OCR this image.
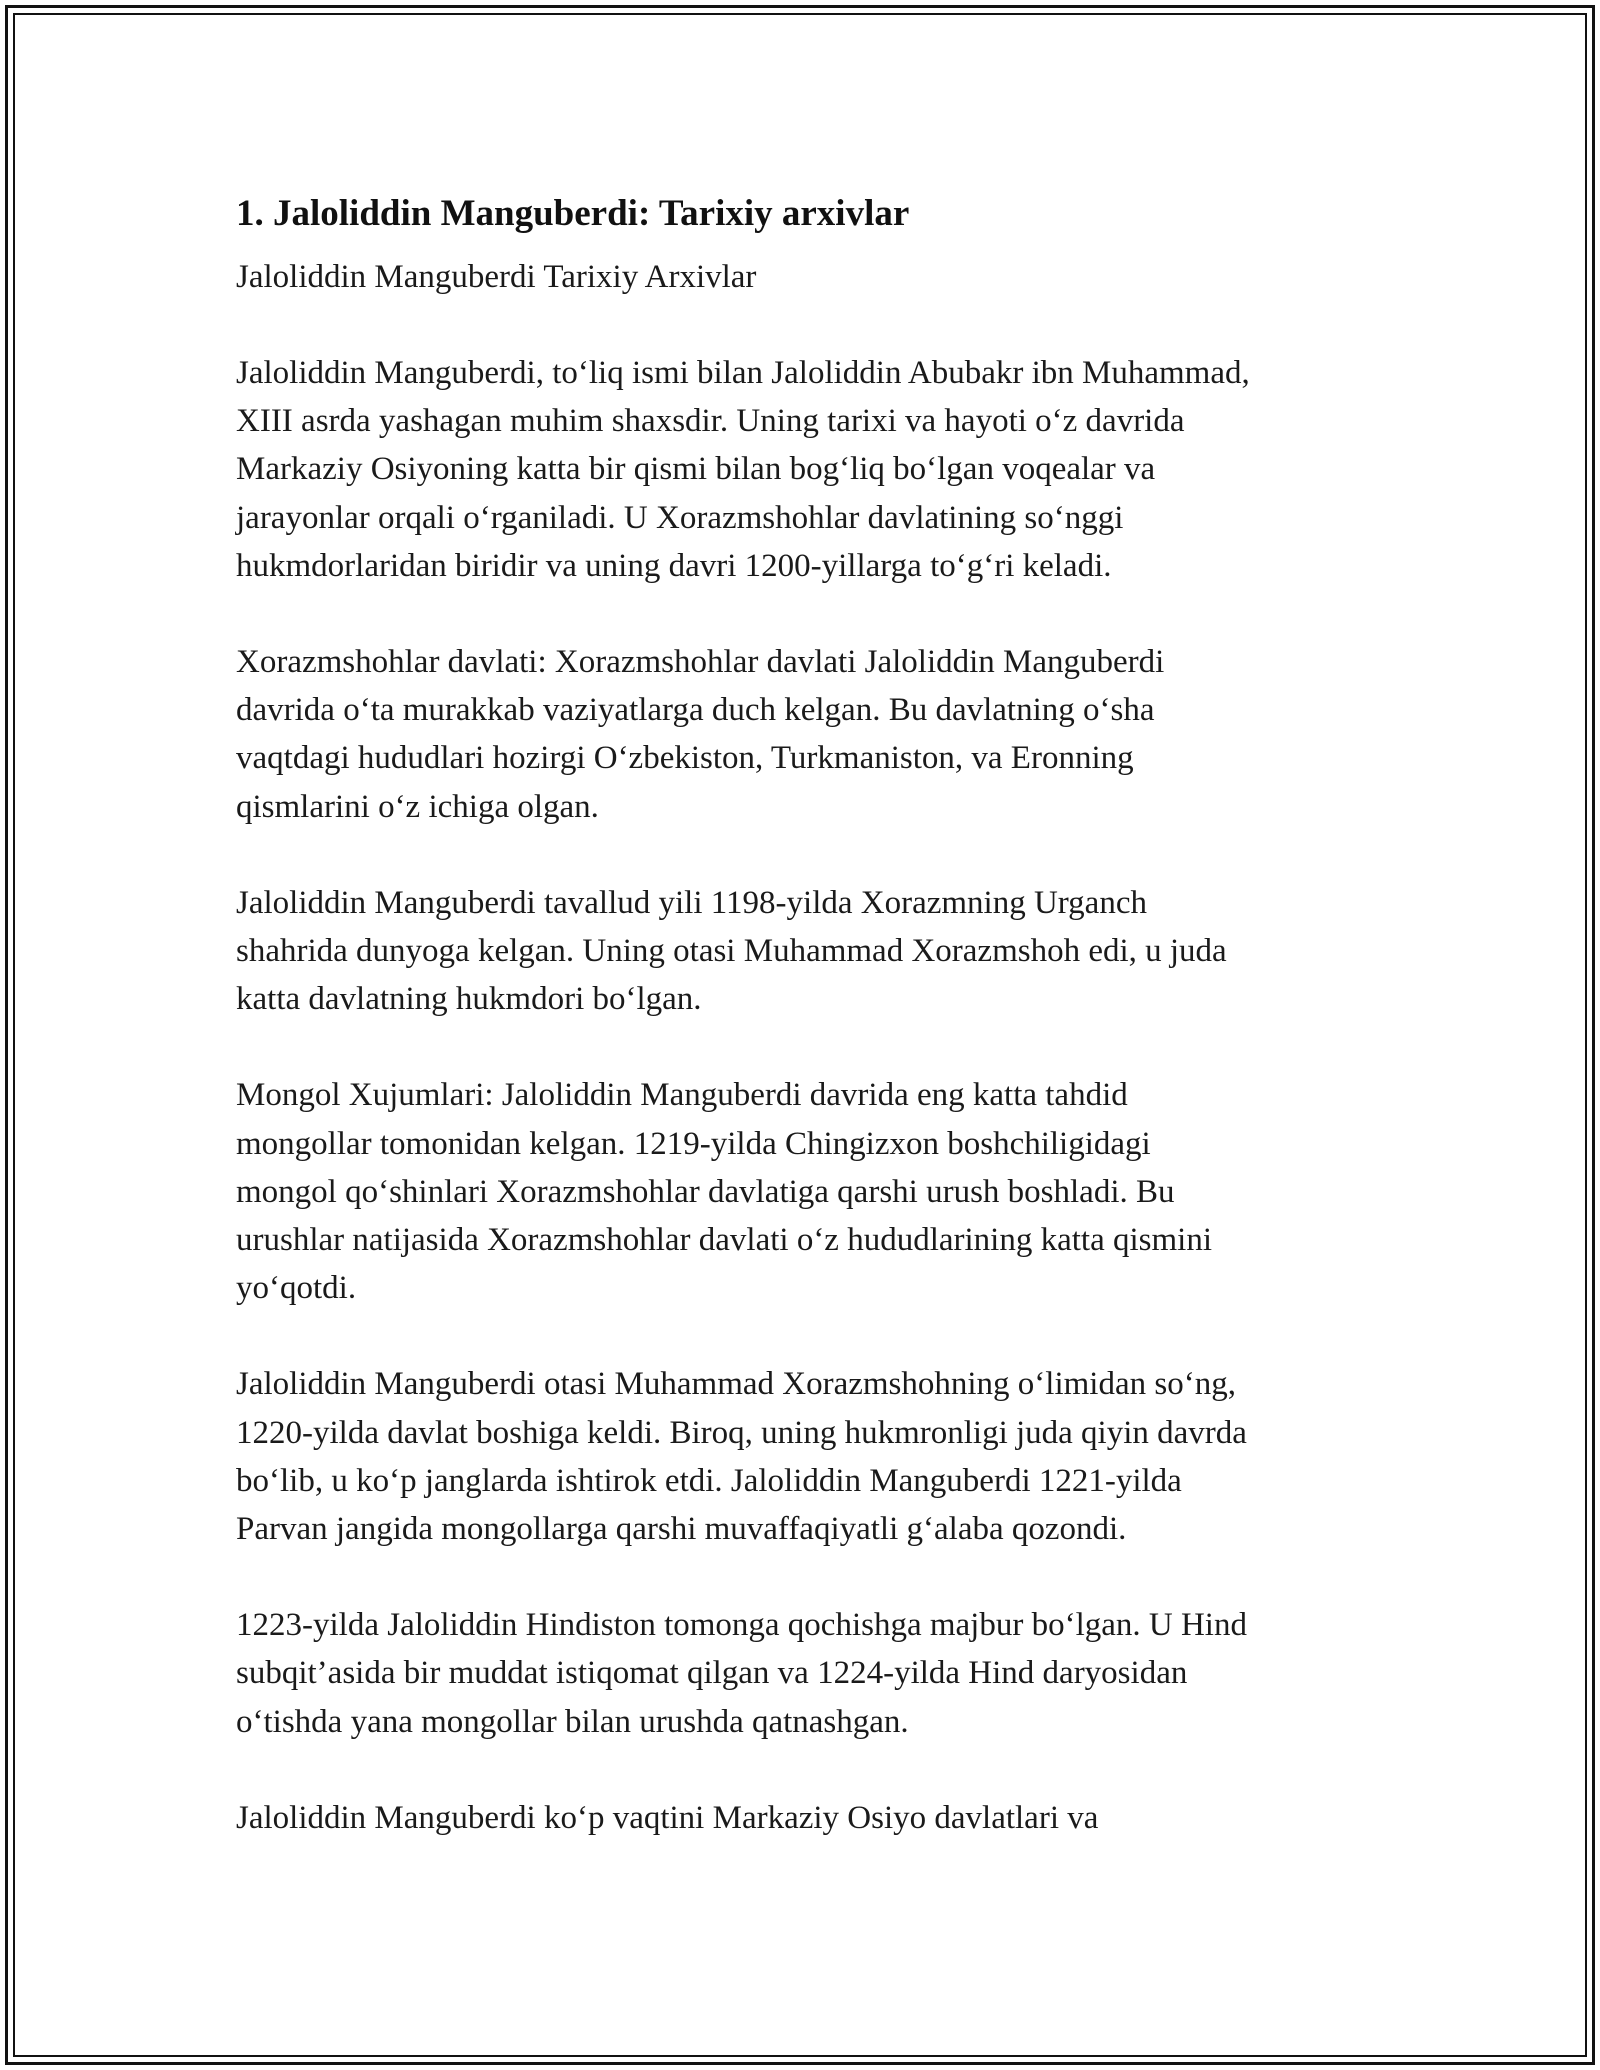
1. Jaloliddin Manguberdi: Tarixiy arxivlar

Jaloliddin Manguberdi Tarixiy Arxivlar

Jaloliddin Manguberdi, to‘liq ismi bilan Jaloliddin Abubakr ibn Muhammad,
XIII asrda yashagan muhim shaxsdir. Uning tarixi va hayoti o‘z davrida
Markaziy Osiyoning katta bir qismi bilan bog‘liq bo‘lgan voqealar va
jarayonlar orqali o‘rganiladi. U Xorazmshohlar davlatining so‘nggi
hukmdorlaridan biridir va uning davri 1200-yillarga to‘g‘ri keladi.

Xorazmshohlar davlati: Xorazmshohlar davlati Jaloliddin Manguberdi
davrida o‘ta murakkab vaziyatlarga duch kelgan. Bu davlatning o‘sha
vaqtdagi hududlari hozirgi O‘zbekiston, Turkmaniston, va Eronning
qismlarini o‘z ichiga olgan.

Jaloliddin Manguberdi tavallud yili 1198-yilda Xorazmning Urganch
shahrida dunyoga kelgan. Uning otasi Muhammad Xorazmshoh edi, u juda
katta davlatning hukmdori bo‘lgan.

Mongol Xujumlari: Jaloliddin Manguberdi davrida eng katta tahdid
mongollar tomonidan kelgan. 1219-yilda Chingizxon boshchiligidagi
mongol qo‘shinlari Xorazmshohlar davlatiga qarshi urush boshladi. Bu
urushlar natijasida Xorazmshohlar davlati o‘z hududlarining katta qismini
yo‘qotdi.

Jaloliddin Manguberdi otasi Muhammad Xorazmshohning o‘limidan so‘ng,
1220-yilda davlat boshiga keldi. Biroq, uning hukmronligi juda qiyin davrda
bo‘lib, u ko‘p janglarda ishtirok etdi. Jaloliddin Manguberdi 1221-yilda
Parvan jangida mongollarga qarshi muvaffaqiyatli g‘alaba qozondi.

1223-yilda Jaloliddin Hindiston tomonga qochishga majbur bo‘lgan. U Hind
subqit’asida bir muddat istiqomat qilgan va 1224-yilda Hind daryosidan
o‘tishda yana mongollar bilan urushda qatnashgan.

Jaloliddin Manguberdi ko‘p vaqtini Markaziy Osiyo davlatlari va
